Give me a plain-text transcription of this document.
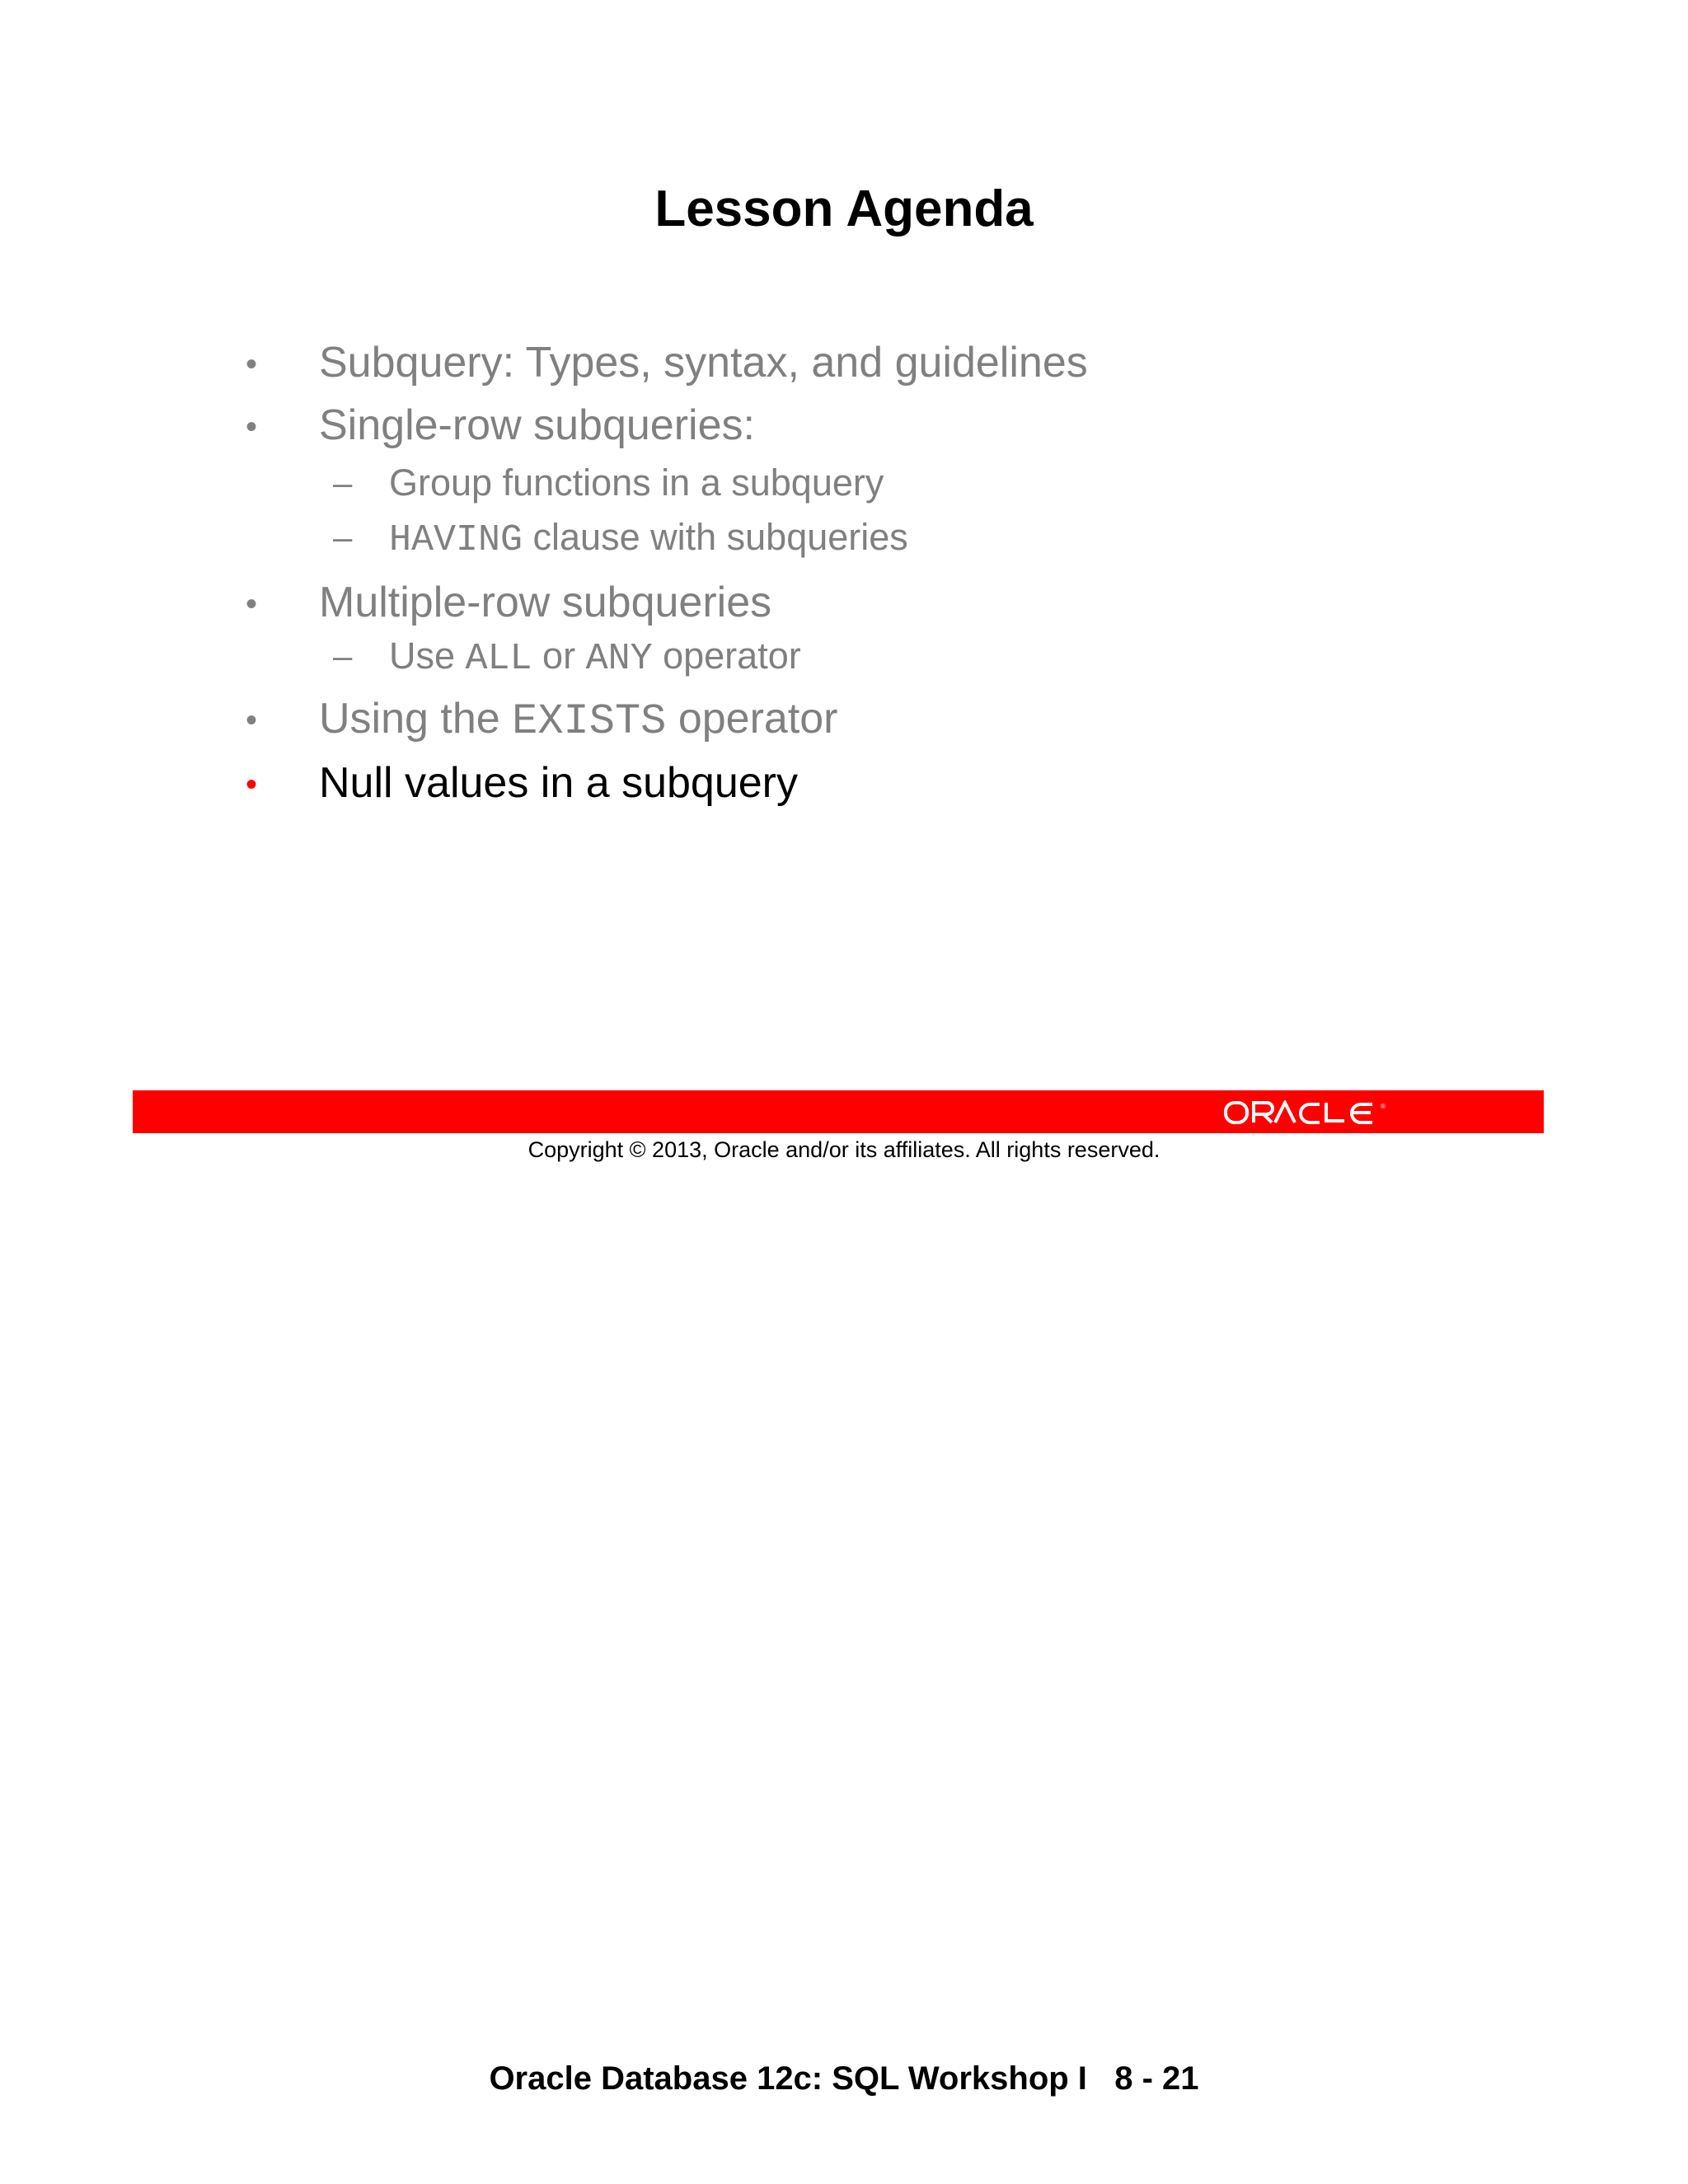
Lesson Agenda
• Subquery: Types, syntax, and guidelines
• Single-row subqueries:
– Group functions in a subquery
– HAVING clause with subqueries
• Multiple-row subqueries
– Use ALL or ANY operator
• Using the EXISTS operator
• Null values in a subquery
®
Copyright © 2013, Oracle and/or its affiliates. All rights reserved.
Oracle Database 12c: SQL Workshop I 8 - 21
